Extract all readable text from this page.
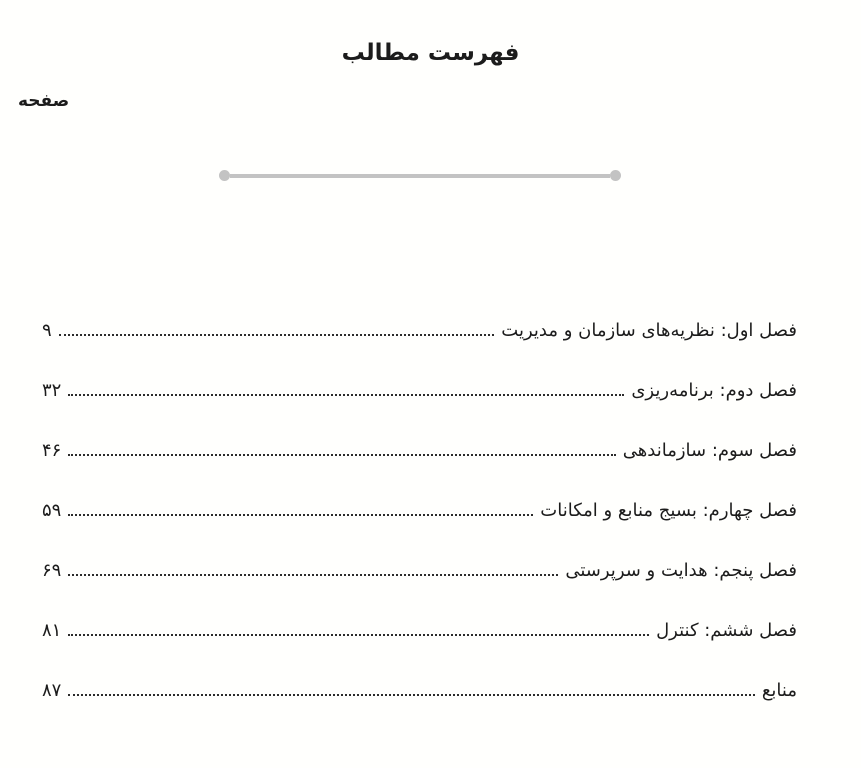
فهرست مطالب
صفحه
فصل اول: نظریه‌های سازمان و مدیریت
۹
فصل دوم: برنامه‌ریزی
۳۲
فصل سوم: سازماندهی
۴۶
فصل چهارم: بسیج منابع و امکانات
۵۹
فصل پنجم: هدایت و سرپرستی
۶۹
فصل ششم: کنترل
۸۱
منابع
۸۷
